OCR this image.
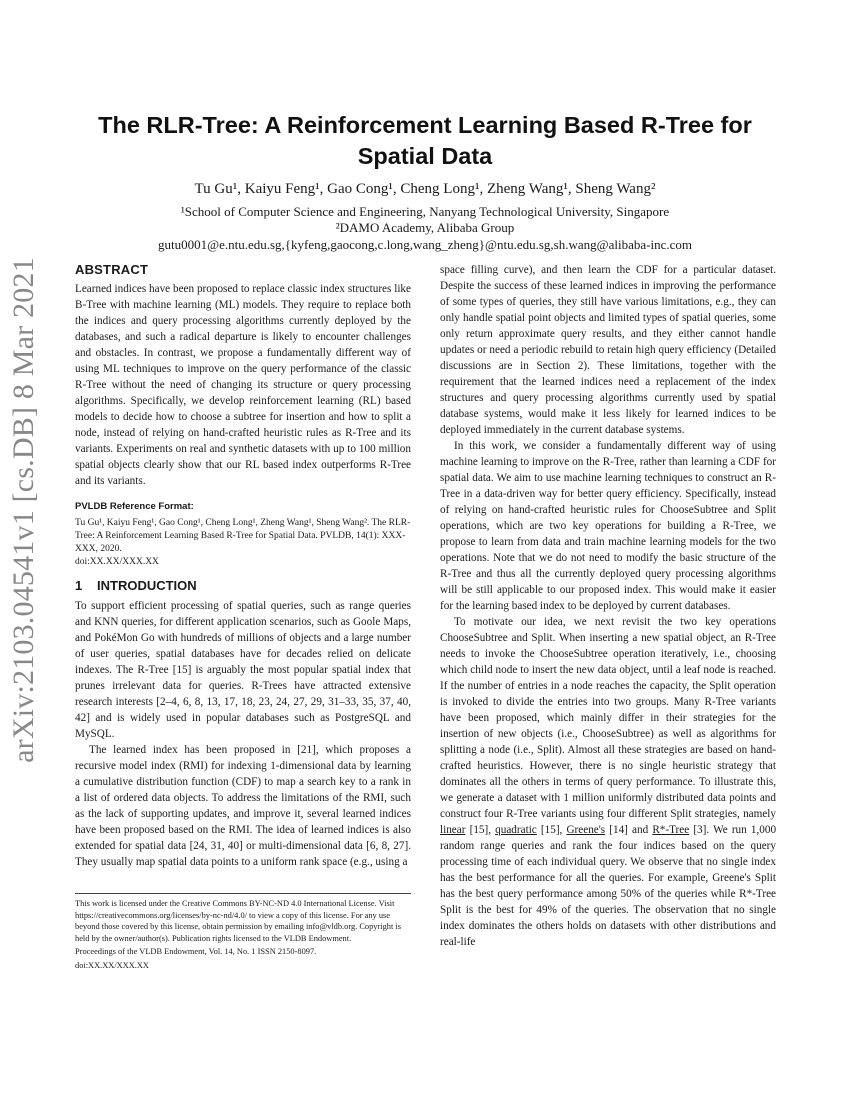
arXiv:2103.04541v1 [cs.DB] 8 Mar 2021
The RLR-Tree: A Reinforcement Learning Based R-Tree for
Spatial Data
Tu Gu¹, Kaiyu Feng¹, Gao Cong¹, Cheng Long¹, Zheng Wang¹, Sheng Wang²
¹School of Computer Science and Engineering, Nanyang Technological University, Singapore
²DAMO Academy, Alibaba Group
gutu0001@e.ntu.edu.sg,{kyfeng,gaocong,c.long,wang_zheng}@ntu.edu.sg,sh.wang@alibaba-inc.com
ABSTRACT

Learned indices have been proposed to replace classic index structures like B-Tree with machine learning (ML) models. They require to replace both the indices and query processing algorithms currently deployed by the databases, and such a radical departure is likely to encounter challenges and obstacles. In contrast, we propose a fundamentally different way of using ML techniques to improve on the query performance of the classic R-Tree without the need of changing its structure or query processing algorithms. Specifically, we develop reinforcement learning (RL) based models to decide how to choose a subtree for insertion and how to split a node, instead of relying on hand-crafted heuristic rules as R-Tree and its variants. Experiments on real and synthetic datasets with up to 100 million spatial objects clearly show that our RL based index outperforms R-Tree and its variants.

PVLDB Reference Format:

Tu Gu¹, Kaiyu Feng¹, Gao Cong¹, Cheng Long¹, Zheng Wang¹, Sheng Wang². The RLR-Tree: A Reinforcement Learning Based R-Tree for Spatial Data. PVLDB, 14(1): XXX-XXX, 2020.

doi:XX.XX/XXX.XX

1 INTRODUCTION

To support efficient processing of spatial queries, such as range queries and KNN queries, for different application scenarios, such as Goole Maps, and PokéMon Go with hundreds of millions of objects and a large number of user queries, spatial databases have for decades relied on delicate indexes. The R-Tree [15] is arguably the most popular spatial index that prunes irrelevant data for queries. R-Trees have attracted extensive research interests [2–4, 6, 8, 13, 17, 18, 23, 24, 27, 29, 31–33, 35, 37, 40, 42] and is widely used in popular databases such as PostgreSQL and MySQL.

The learned index has been proposed in [21], which proposes a recursive model index (RMI) for indexing 1-dimensional data by learning a cumulative distribution function (CDF) to map a search key to a rank in a list of ordered data objects. To address the limitations of the RMI, such as the lack of supporting updates, and improve it, several learned indices have been proposed based on the RMI. The idea of learned indices is also extended for spatial data [24, 31, 40] or multi-dimensional data [6, 8, 27]. They usually map spatial data points to a uniform rank space (e.g., using a

space filling curve), and then learn the CDF for a particular dataset. Despite the success of these learned indices in improving the performance of some types of queries, they still have various limitations, e.g., they can only handle spatial point objects and limited types of spatial queries, some only return approximate query results, and they either cannot handle updates or need a periodic rebuild to retain high query efficiency (Detailed discussions are in Section 2). These limitations, together with the requirement that the learned indices need a replacement of the index structures and query processing algorithms currently used by spatial database systems, would make it less likely for learned indices to be deployed immediately in the current database systems.

In this work, we consider a fundamentally different way of using machine learning to improve on the R-Tree, rather than learning a CDF for spatial data. We aim to use machine learning techniques to construct an R-Tree in a data-driven way for better query efficiency. Specifically, instead of relying on hand-crafted heuristic rules for ChooseSubtree and Split operations, which are two key operations for building a R-Tree, we propose to learn from data and train machine learning models for the two operations. Note that we do not need to modify the basic structure of the R-Tree and thus all the currently deployed query processing algorithms will be still applicable to our proposed index. This would make it easier for the learning based index to be deployed by current databases.

To motivate our idea, we next revisit the two key operations ChooseSubtree and Split. When inserting a new spatial object, an R-Tree needs to invoke the ChooseSubtree operation iteratively, i.e., choosing which child node to insert the new data object, until a leaf node is reached. If the number of entries in a node reaches the capacity, the Split operation is invoked to divide the entries into two groups. Many R-Tree variants have been proposed, which mainly differ in their strategies for the insertion of new objects (i.e., ChooseSubtree) as well as algorithms for splitting a node (i.e., Split). Almost all these strategies are based on hand-crafted heuristics. However, there is no single heuristic strategy that dominates all the others in terms of query performance. To illustrate this, we generate a dataset with 1 million uniformly distributed data points and construct four R-Tree variants using four different Split strategies, namely linear [15], quadratic [15], Greene's [14] and R*-Tree [3]. We run 1,000 random range queries and rank the four indices based on the query processing time of each individual query. We observe that no single index has the best performance for all the queries. For example, Greene's Split has the best query performance among 50% of the queries while R*-Tree Split is the best for 49% of the queries. The observation that no single index dominates the others holds on datasets with other distributions and real-life

This work is licensed under the Creative Commons BY-NC-ND 4.0 International License. Visit https://creativecommons.org/licenses/by-nc-nd/4.0/ to view a copy of this license. For any use beyond those covered by this license, obtain permission by emailing info@vldb.org. Copyright is held by the owner/author(s). Publication rights licensed to the VLDB Endowment.

Proceedings of the VLDB Endowment, Vol. 14, No. 1 ISSN 2150-8097.

doi:XX.XX/XXX.XX
